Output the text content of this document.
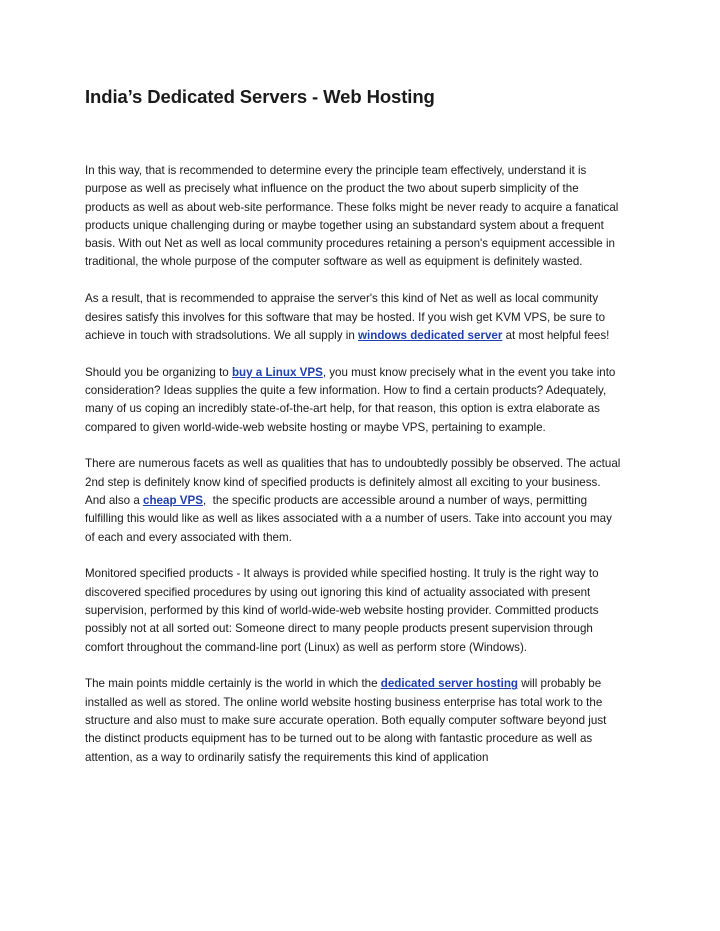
India’s Dedicated Servers - Web Hosting

In this way, that is recommended to determine every the principle team effectively, understand it is
purpose as well as precisely what influence on the product the two about superb simplicity of the
products as well as about web-site performance. These folks might be never ready to acquire a fanatical
products unique challenging during or maybe together using an substandard system about a frequent
basis. With out Net as well as local community procedures retaining a person's equipment accessible in
traditional, the whole purpose of the computer software as well as equipment is definitely wasted.

As a result, that is recommended to appraise the server's this kind of Net as well as local community
desires satisfy this involves for this software that may be hosted. If you wish get KVM VPS, be sure to
achieve in touch with stradsolutions. We all supply in windows dedicated server at most helpful fees!

Should you be organizing to buy a Linux VPS, you must know precisely what in the event you take into
consideration? Ideas supplies the quite a few information. How to find a certain products? Adequately,
many of us coping an incredibly state-of-the-art help, for that reason, this option is extra elaborate as
compared to given world-wide-web website hosting or maybe VPS, pertaining to example.

There are numerous facets as well as qualities that has to undoubtedly possibly be observed. The actual
2nd step is definitely know kind of specified products is definitely almost all exciting to your business.
And also a cheap VPS,  the specific products are accessible around a number of ways, permitting
fulfilling this would like as well as likes associated with a a number of users. Take into account you may
of each and every associated with them.

Monitored specified products - It always is provided while specified hosting. It truly is the right way to
discovered specified procedures by using out ignoring this kind of actuality associated with present
supervision, performed by this kind of world-wide-web website hosting provider. Committed products
possibly not at all sorted out: Someone direct to many people products present supervision through
comfort throughout the command-line port (Linux) as well as perform store (Windows).

The main points middle certainly is the world in which the dedicated server hosting will probably be
installed as well as stored. The online world website hosting business enterprise has total work to the
structure and also must to make sure accurate operation. Both equally computer software beyond just
the distinct products equipment has to be turned out to be along with fantastic procedure as well as
attention, as a way to ordinarily satisfy the requirements this kind of application
